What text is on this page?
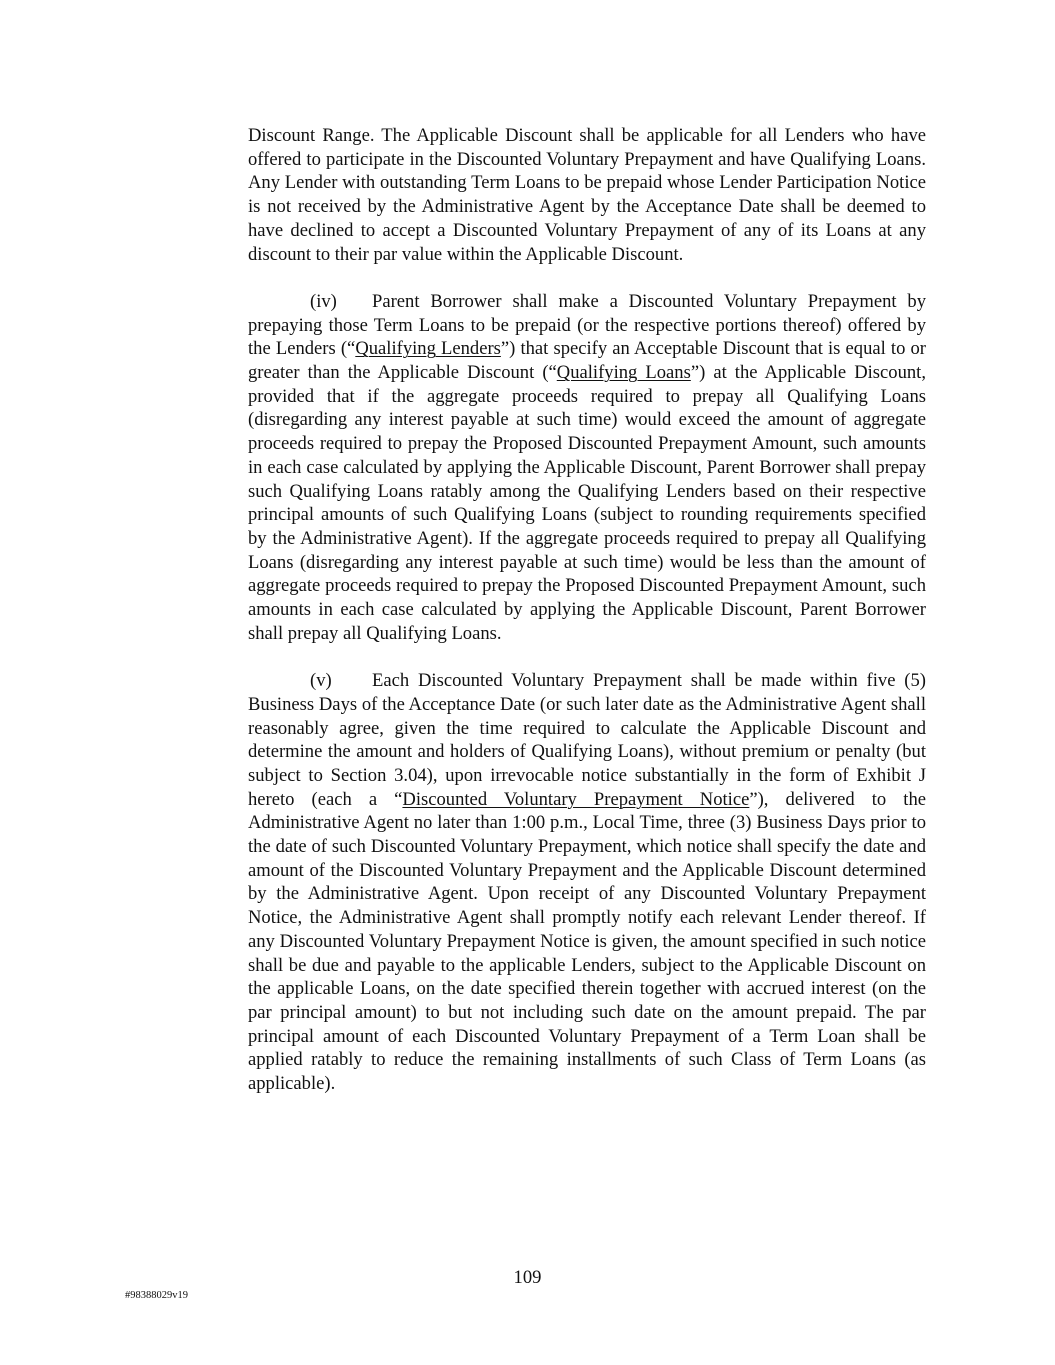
Discount Range. The Applicable Discount shall be applicable for all Lenders who have offered to participate in the Discounted Voluntary Prepayment and have Qualifying Loans. Any Lender with outstanding Term Loans to be prepaid whose Lender Participation Notice is not received by the Administrative Agent by the Acceptance Date shall be deemed to have declined to accept a Discounted Voluntary Prepayment of any of its Loans at any discount to their par value within the Applicable Discount.

(iv) Parent Borrower shall make a Discounted Voluntary Prepayment by prepaying those Term Loans to be prepaid (or the respective portions thereof) offered by the Lenders (“Qualifying Lenders”) that specify an Acceptable Discount that is equal to or greater than the Applicable Discount (“Qualifying Loans”) at the Applicable Discount, provided that if the aggregate proceeds required to prepay all Qualifying Loans (disregarding any interest payable at such time) would exceed the amount of aggregate proceeds required to prepay the Proposed Discounted Prepayment Amount, such amounts in each case calculated by applying the Applicable Discount, Parent Borrower shall prepay such Qualifying Loans ratably among the Qualifying Lenders based on their respective principal amounts of such Qualifying Loans (subject to rounding requirements specified by the Administrative Agent). If the aggregate proceeds required to prepay all Qualifying Loans (disregarding any interest payable at such time) would be less than the amount of aggregate proceeds required to prepay the Proposed Discounted Prepayment Amount, such amounts in each case calculated by applying the Applicable Discount, Parent Borrower shall prepay all Qualifying Loans.

(v) Each Discounted Voluntary Prepayment shall be made within five (5) Business Days of the Acceptance Date (or such later date as the Administrative Agent shall reasonably agree, given the time required to calculate the Applicable Discount and determine the amount and holders of Qualifying Loans), without premium or penalty (but subject to Section 3.04), upon irrevocable notice substantially in the form of Exhibit J hereto (each a “Discounted Voluntary Prepayment Notice”), delivered to the Administrative Agent no later than 1:00 p.m., Local Time, three (3) Business Days prior to the date of such Discounted Voluntary Prepayment, which notice shall specify the date and amount of the Discounted Voluntary Prepayment and the Applicable Discount determined by the Administrative Agent. Upon receipt of any Discounted Voluntary Prepayment Notice, the Administrative Agent shall promptly notify each relevant Lender thereof. If any Discounted Voluntary Prepayment Notice is given, the amount specified in such notice shall be due and payable to the applicable Lenders, subject to the Applicable Discount on the applicable Loans, on the date specified therein together with accrued interest (on the par principal amount) to but not including such date on the amount prepaid. The par principal amount of each Discounted Voluntary Prepayment of a Term Loan shall be applied ratably to reduce the remaining installments of such Class of Term Loans (as applicable).

109
#98388029v19
